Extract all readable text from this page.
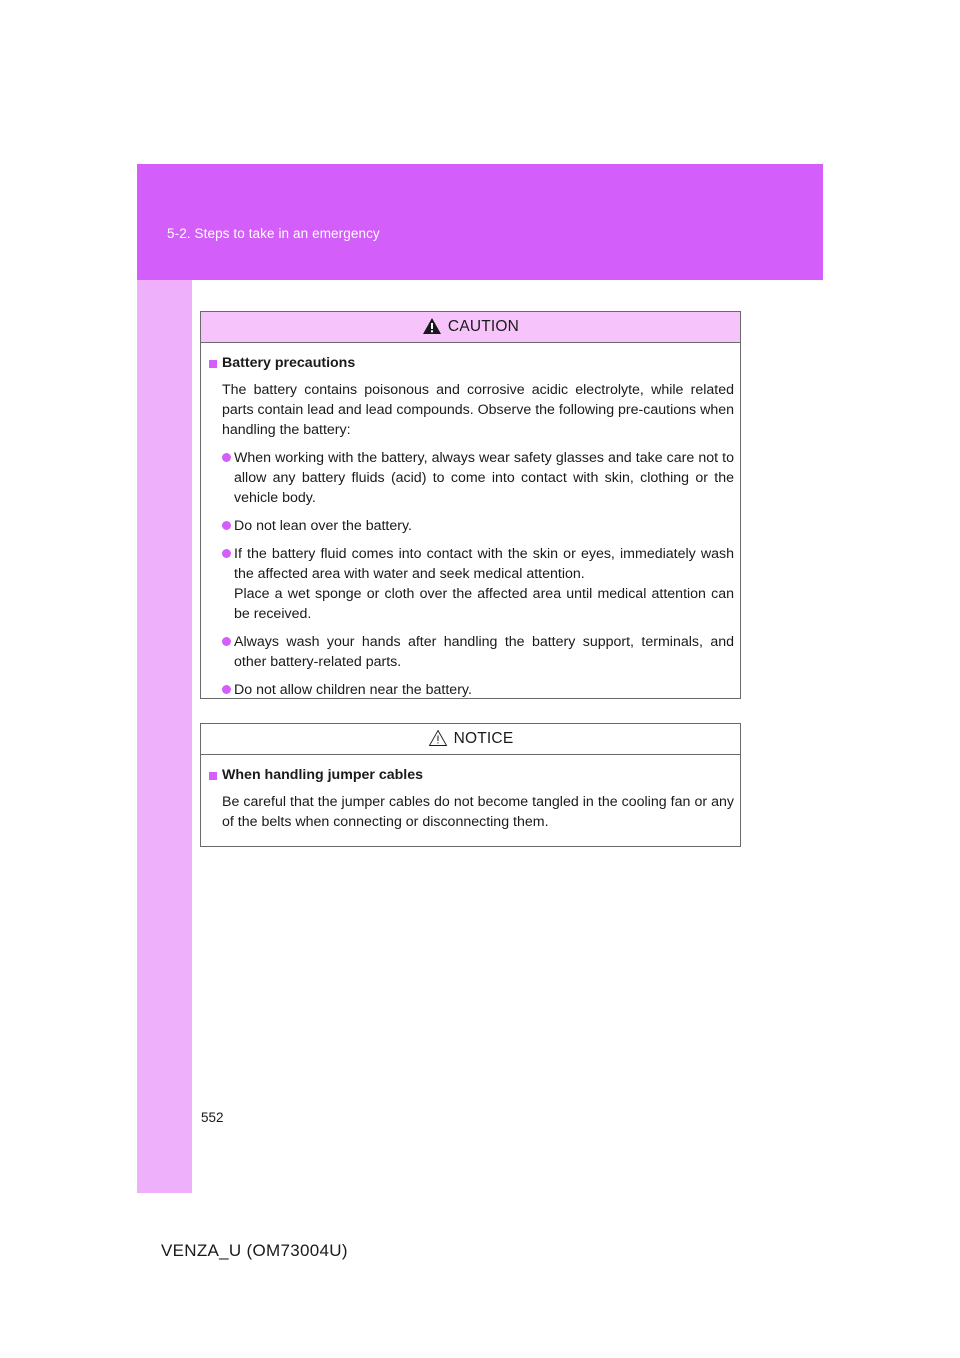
5-2. Steps to take in an emergency
CAUTION
Battery precautions
The battery contains poisonous and corrosive acidic electrolyte, while related parts contain lead and lead compounds. Observe the following pre-cautions when handling the battery:

When working with the battery, always wear safety glasses and take care not to allow any battery fluids (acid) to come into contact with skin, clothing or the vehicle body.

Do not lean over the battery.

If the battery fluid comes into contact with the skin or eyes, immediately wash the affected area with water and seek medical attention.

Place a wet sponge or cloth over the affected area until medical attention can be received.

Always wash your hands after handling the battery support, terminals, and other battery-related parts.

Do not allow children near the battery.

NOTICE
When handling jumper cables
Be careful that the jumper cables do not become tangled in the cooling fan or any of the belts when connecting or disconnecting them.
552
VENZA_U (OM73004U)
